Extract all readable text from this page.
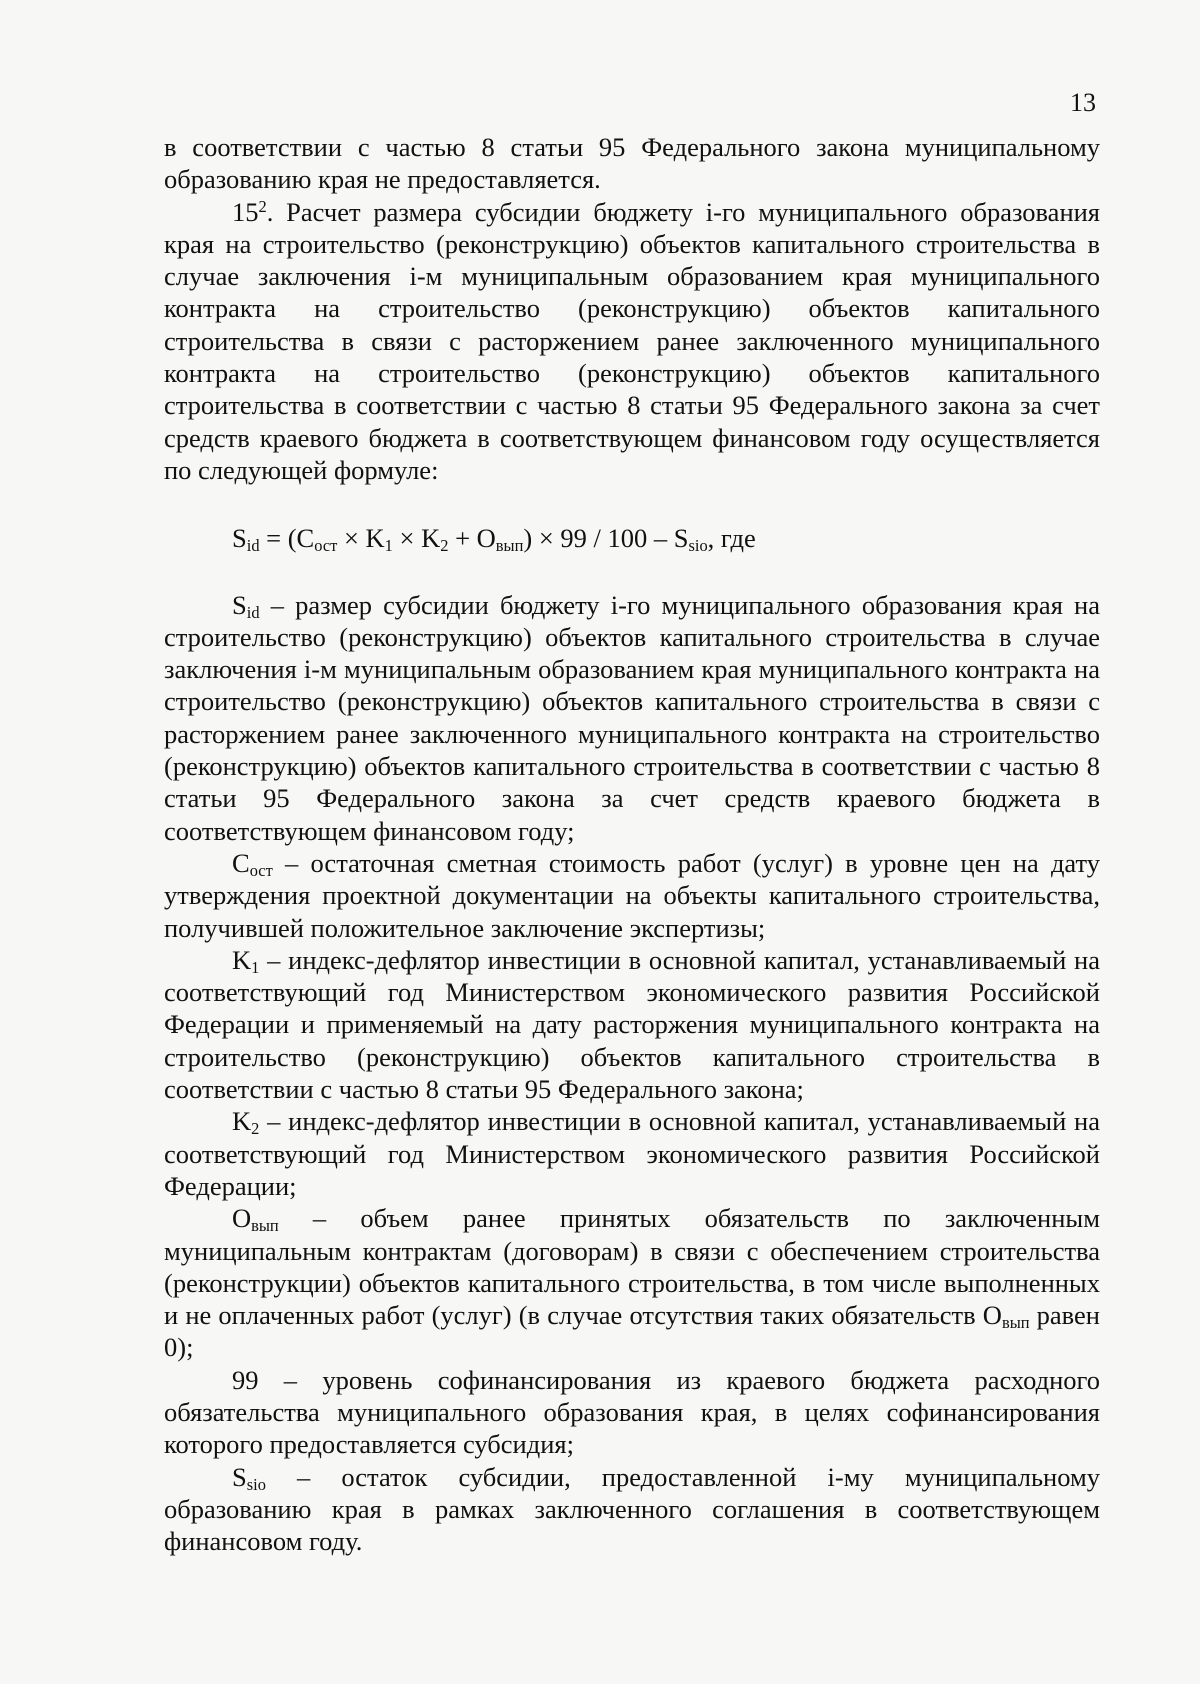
13

в соответствии с частью 8 статьи 95 Федерального закона муниципальному образованию края не предоставляется.

$15^2$. Расчет размера субсидии бюджету i-го муниципального образования края на строительство (реконструкцию) объектов капитального строительства в случае заключения i-м муниципальным образованием края муниципального контракта на строительство (реконструкцию) объектов капитального строительства в связи с расторжением ранее заключенного муниципального контракта на строительство (реконструкцию) объектов капитального строительства в соответствии с частью 8 статьи 95 Федерального закона за счет средств краевого бюджета в соответствующем финансовом году осуществляется по следующей формуле:

$S_{id} = (C_{ост} \times K_1 \times K_2 + O_{вып}) \times 99 / 100 - S_{sio}$, где

$S_{id}$ – размер субсидии бюджету i-го муниципального образования края на строительство (реконструкцию) объектов капитального строительства в случае заключения i-м муниципальным образованием края муниципального контракта на строительство (реконструкцию) объектов капитального строительства в связи с расторжением ранее заключенного муниципального контракта на строительство (реконструкцию) объектов капитального строительства в соответствии с частью 8 статьи 95 Федерального закона за счет средств краевого бюджета в соответствующем финансовом году;

$C_{ост}$ – остаточная сметная стоимость работ (услуг) в уровне цен на дату утверждения проектной документации на объекты капитального строительства, получившей положительное заключение экспертизы;

$K_1$ – индекс-дефлятор инвестиции в основной капитал, устанавливаемый на соответствующий год Министерством экономического развития Российской Федерации и применяемый на дату расторжения муниципального контракта на строительство (реконструкцию) объектов капитального строительства в соответствии с частью 8 статьи 95 Федерального закона;

$K_2$ – индекс-дефлятор инвестиции в основной капитал, устанавливаемый на соответствующий год Министерством экономического развития Российской Федерации;

$O_{вып}$ – объем ранее принятых обязательств по заключенным муниципальным контрактам (договорам) в связи с обеспечением строительства (реконструкции) объектов капитального строительства, в том числе выполненных и не оплаченных работ (услуг) (в случае отсутствия таких обязательств $O_{вып}$ равен 0);

99 – уровень софинансирования из краевого бюджета расходного обязательства муниципального образования края, в целях софинансирования которого предоставляется субсидия;

$S_{sio}$ – остаток субсидии, предоставленной i-му муниципальному образованию края в рамках заключенного соглашения в соответствующем финансовом году.
